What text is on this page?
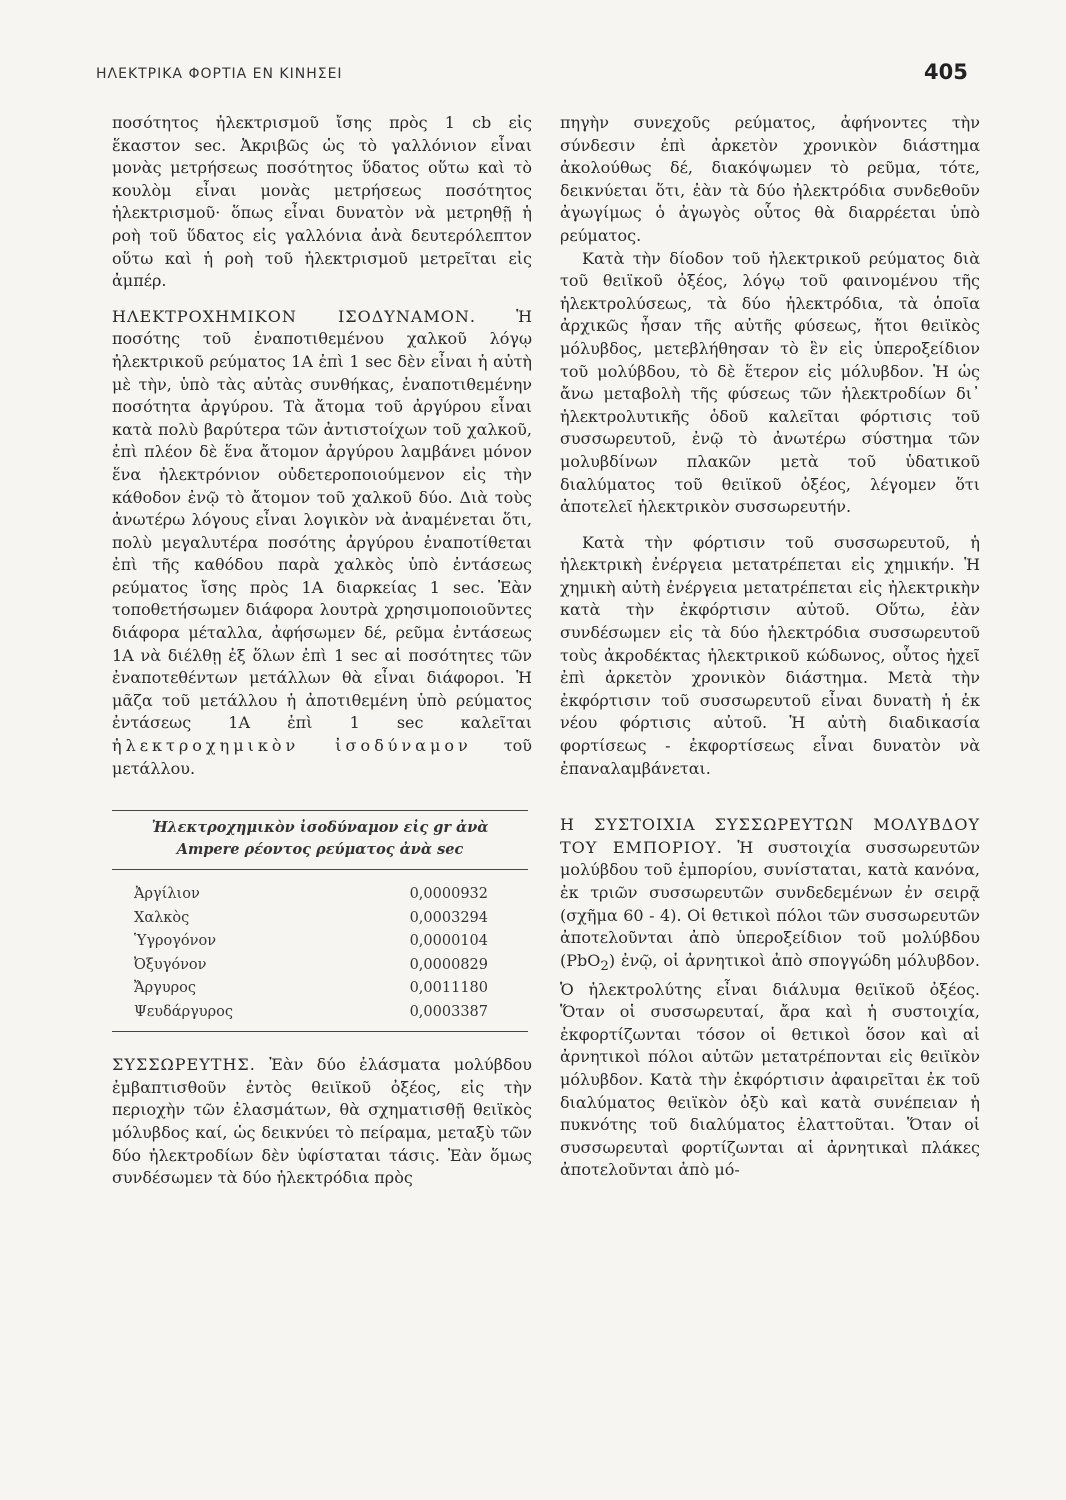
ΗΛΕΚΤΡΙΚΑ ΦΟΡΤΙΑ ΕΝ ΚΙΝΗΣΕΙ	405

ποσότητος ἠλεκτρισμοῦ ἴσης πρὸς 1 cb εἰς ἕκαστον sec. Ἀκριβῶς ὡς τὸ γαλλόνιον εἶναι μονὰς μετρήσεως ποσότητος ὕδατος οὕτω καὶ τὸ κουλὸμ εἶναι μονὰς μετρήσεως ποσότητος ἠλεκτρισμοῦ· ὅπως εἶναι δυνατὸν νὰ μετρηθῇ ἡ ροὴ τοῦ ὕδατος εἰς γαλλόνια ἀνὰ δευτερόλεπτον οὕτω καὶ ἡ ροὴ τοῦ ἠλεκτρισμοῦ μετρεῖται εἰς ἀμπέρ.

ΗΛΕΚΤΡΟΧΗΜΙΚΟΝ ΙΣΟΔΥΝΑΜΟΝ.	Ἡ ποσότης τοῦ ἐναποτιθεμένου χαλκοῦ λόγῳ ἠλεκτρικοῦ ρεύματος 1Α ἐπὶ 1 sec δὲν εἶναι ἡ αὐτὴ μὲ τὴν, ὑπὸ τὰς αὐτὰς συνθήκας, ἐναποτιθεμένην ποσότητα ἀργύρου. Τὰ ἄτομα τοῦ ἀργύρου εἶναι κατὰ πολὺ βαρύτερα τῶν ἀντιστοίχων τοῦ χαλκοῦ, ἐπὶ πλέον δὲ ἕνα ἄτομον ἀργύρου λαμβάνει μόνον ἕνα ἠλεκτρόνιον οὐδετεροποιούμενον εἰς τὴν κάθοδον ἐνῷ τὸ ἄτομον τοῦ χαλκοῦ δύο. Διὰ τοὺς ἀνωτέρω λόγους εἶναι λογικὸν νὰ ἀναμένεται ὅτι, πολὺ μεγαλυτέρα ποσότης ἀργύρου ἐναποτίθεται ἐπὶ τῆς καθόδου παρὰ χαλκὸς ὑπὸ ἐντάσεως ρεύματος ἴσης πρὸς 1Α διαρκείας 1 sec. Ἐὰν τοποθετήσωμεν διάφορα λουτρὰ χρησιμοποιοῦντες διάφορα μέταλλα, ἀφήσωμεν δέ, ρεῦμα ἐντάσεως 1Α νὰ διέλθῃ ἐξ ὅλων ἐπὶ 1 sec αἱ ποσότητες τῶν ἐναποτεθέντων μετάλλων θὰ εἶναι διάφοροι. Ἡ μᾶζα τοῦ μετάλλου ἡ ἀποτιθεμένη ὑπὸ ρεύματος ἐντάσεως 1Α ἐπὶ 1 sec καλεῖται ἠλεκτροχημικὸν ἰσοδύναμον τοῦ μετάλλου.

Ἠλεκτροχημικὸν ἰσοδύναμον εἰς gr ἀνὰ
Ampere ρέοντος ρεύματος ἀνὰ sec	

Ἀργίλιον	0,0000932
Χαλκὸς	0,0003294
Ὑγρογόνον	0,0000104
Ὀξυγόνον	0,0000829
Ἄργυρος	0,0011180
Ψευδάργυρος	0,0003387

ΣΥΣΣΩΡΕΥΤΗΣ. Ἐὰν δύο ἐλάσματα μολύβδου ἐμβαπτισθοῦν ἐντὸς θειϊκοῦ ὀξέος, εἰς τὴν περιοχὴν τῶν ἐλασμάτων, θὰ σχηματισθῇ θειϊκὸς μόλυβδος καί, ὡς δεικνύει τὸ πείραμα, μεταξὺ τῶν δύο ἠλεκτροδίων δὲν ὑφίσταται τάσις. Ἐὰν ὅμως συνδέσωμεν τὰ δύο ἠλεκτρόδια πρὸς

πηγὴν συνεχοῦς ρεύματος, ἀφήνοντες τὴν σύνδεσιν ἐπὶ ἀρκετὸν χρονικὸν διάστημα ἀκολούθως δέ, διακόψωμεν τὸ ρεῦμα, τότε, δεικνύεται ὅτι, ἐὰν τὰ δύο ἠλεκτρόδια συνδεθοῦν ἀγωγίμως ὁ ἀγωγὸς οὗτος θὰ διαρρέεται ὑπὸ ρεύματος.

Κατὰ τὴν δίοδον τοῦ ἠλεκτρικοῦ ρεύματος διὰ τοῦ θειϊκοῦ ὀξέος, λόγῳ τοῦ φαινομένου τῆς ἠλεκτρολύσεως, τὰ δύο ἠλεκτρόδια, τὰ ὁποῖα ἀρχικῶς ἦσαν τῆς αὐτῆς φύσεως, ἤτοι θειϊκὸς μόλυβδος, μετεβλήθησαν τὸ ἓν εἰς ὑπεροξείδιον τοῦ μολύβδου, τὸ δὲ ἕτερον εἰς μόλυβδον. Ἡ ὡς ἄνω μεταβολὴ τῆς φύσεως τῶν ἠλεκτροδίων δι᾽ ἠλεκτρολυτικῆς ὁδοῦ καλεῖται φόρτισις τοῦ συσσωρευτοῦ, ἐνῷ τὸ ἀνωτέρω σύστημα τῶν μολυβδίνων πλακῶν μετὰ τοῦ ὑδατικοῦ διαλύματος τοῦ θειϊκοῦ ὀξέος, λέγομεν ὅτι ἀποτελεῖ ἠλεκτρικὸν συσσωρευτήν.

Κατὰ τὴν φόρτισιν τοῦ συσσωρευτοῦ, ἡ ἠλεκτρικὴ ἐνέργεια μετατρέπεται εἰς χημικήν. Ἡ χημικὴ αὐτὴ ἐνέργεια μετατρέπεται εἰς ἠλεκτρικὴν κατὰ τὴν ἐκφόρτισιν αὐτοῦ. Οὕτω, ἐὰν συνδέσωμεν εἰς τὰ δύο ἠλεκτρόδια συσσωρευτοῦ τοὺς ἀκροδέκτας ἠλεκτρικοῦ κώδωνος, οὗτος ἠχεῖ ἐπὶ ἀρκετὸν χρονικὸν διάστημα. Μετὰ τὴν ἐκφόρτισιν τοῦ συσσωρευτοῦ εἶναι δυνατὴ ἡ ἐκ νέου φόρτισις αὐτοῦ. Ἡ αὐτὴ διαδικασία φορτίσεως - ἐκφορτίσεως εἶναι δυνατὸν νὰ ἐπαναλαμβάνεται.

Η ΣΥΣΤΟΙΧΙΑ ΣΥΣΣΩΡΕΥΤΩΝ ΜΟΛΥΒΔΟΥ ΤΟΥ ΕΜΠΟΡΙΟΥ. Ἡ συστοιχία συσσωρευτῶν μολύβδου τοῦ ἐμπορίου, συνίσταται, κατὰ κανόνα, ἐκ τριῶν συσσωρευτῶν συνδεδεμένων ἐν σειρᾷ (σχῆμα 60 - 4). Οἱ θετικοὶ πόλοι τῶν συσσωρευτῶν ἀποτελοῦνται ἀπὸ ὑπεροξείδιον τοῦ μολύβδου (PbO$_2$) ἐνῷ, οἱ ἀρνητικοὶ ἀπὸ σπογγώδη μόλυβδον. Ὁ ἠλεκτρολύτης εἶναι διάλυμα θειϊκοῦ ὀξέος. Ὅταν οἱ συσσωρευταί, ἄρα καὶ ἡ συστοιχία, ἐκφορτίζωνται τόσον οἱ θετικοὶ ὅσον καὶ αἱ ἀρνητικοὶ πόλοι αὐτῶν μετατρέπονται εἰς θειϊκὸν μόλυβδον. Κατὰ τὴν ἐκφόρτισιν ἀφαιρεῖται ἐκ τοῦ διαλύματος θειϊκὸν ὀξὺ καὶ κατὰ συνέπειαν ἡ πυκνότης τοῦ διαλύματος ἐλαττοῦται. Ὅταν οἱ συσσωρευταὶ φορτίζωνται αἱ ἀρνητικαὶ πλάκες ἀποτελοῦνται ἀπὸ μό-
